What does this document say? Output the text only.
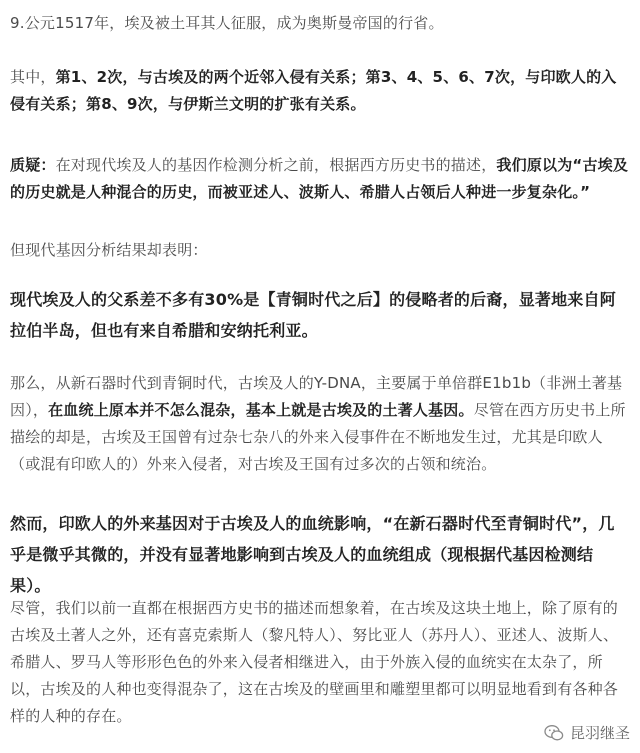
9.公元1517年，埃及被土耳其人征服，成为奥斯曼帝国的行省。

其中，第1、2次，与古埃及的两个近邻入侵有关系；第3、4、5、6、7次，与印欧人的入侵有关系；第8、9次，与伊斯兰文明的扩张有关系。

质疑：在对现代埃及人的基因作检测分析之前，根据西方历史书的描述，我们原以为“古埃及的历史就是人种混合的历史，而被亚述人、波斯人、希腊人占领后人种进一步复杂化。”

但现代基因分析结果却表明：

现代埃及人的父系差不多有30%是【青铜时代之后】的侵略者的后裔，显著地来自阿拉伯半岛，但也有来自希腊和安纳托利亚。

那么，从新石器时代到青铜时代，古埃及人的Y-DNA，主要属于单倍群E1b1b（非洲土著基因），在血统上原本并不怎么混杂，基本上就是古埃及的土著人基因。尽管在西方历史书上所描绘的却是，古埃及王国曾有过杂七杂八的外来入侵事件在不断地发生过，尤其是印欧人（或混有印欧人的）外来入侵者，对古埃及王国有过多次的占领和统治。

然而，印欧人的外来基因对于古埃及人的血统影响，“在新石器时代至青铜时代”，几乎是微乎其微的，并没有显著地影响到古埃及人的血统组成（现根据代基因检测结果）。

尽管，我们以前一直都在根据西方史书的描述而想象着，在古埃及这块土地上，除了原有的古埃及土著人之外，还有喜克索斯人（黎凡特人）、努比亚人（苏丹人）、亚述人、波斯人、希腊人、罗马人等形形色色的外来入侵者相继进入，由于外族入侵的血统实在太杂了，所以，古埃及的人种也变得混杂了，这在古埃及的壁画里和雕塑里都可以明显地看到有各种各样的人种的存在。

昆羽继圣
